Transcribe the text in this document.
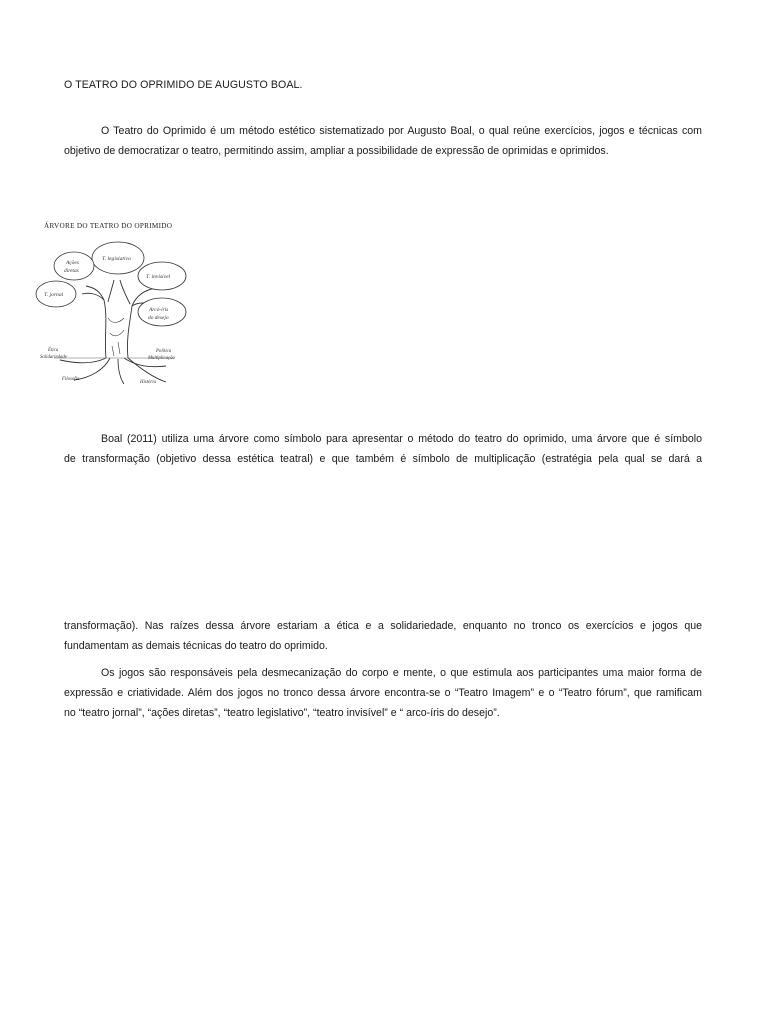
O TEATRO DO OPRIMIDO DE AUGUSTO BOAL.
O Teatro do Oprimido é um método estético sistematizado por Augusto Boal, o qual reúne exercícios, jogos e técnicas com
objetivo de democratizar o teatro, permitindo assim, ampliar a possibilidade de expressão de oprimidas e oprimidos.
ÁRVORE DO TEATRO DO OPRIMIDO
T. legislativo
Ações
diretas
T. invisível
T. jornal
Arco-íris
do desejo
Ética
Solidariedade
Política
Multiplicação
Filosofia
História
Boal (2011) utiliza uma árvore como símbolo para apresentar o método do teatro do oprimido, uma árvore que é símbolo
de transformação (objetivo dessa estética teatral) e que também é símbolo de multiplicação (estratégia pela qual se dará a
transformação). Nas raízes dessa árvore estariam a ética e a solidariedade, enquanto no tronco os exercícios e jogos que
fundamentam as demais técnicas do teatro do oprimido.
Os jogos são responsáveis pela desmecanização do corpo e mente, o que estimula aos participantes uma maior forma de
expressão e criatividade. Além dos jogos no tronco dessa árvore encontra-se o “Teatro Imagem” e o “Teatro fórum”, que ramificam
no “teatro jornal”, “ações diretas”, “teatro legislativo”, “teatro invisível” e “ arco-íris do desejo”.
